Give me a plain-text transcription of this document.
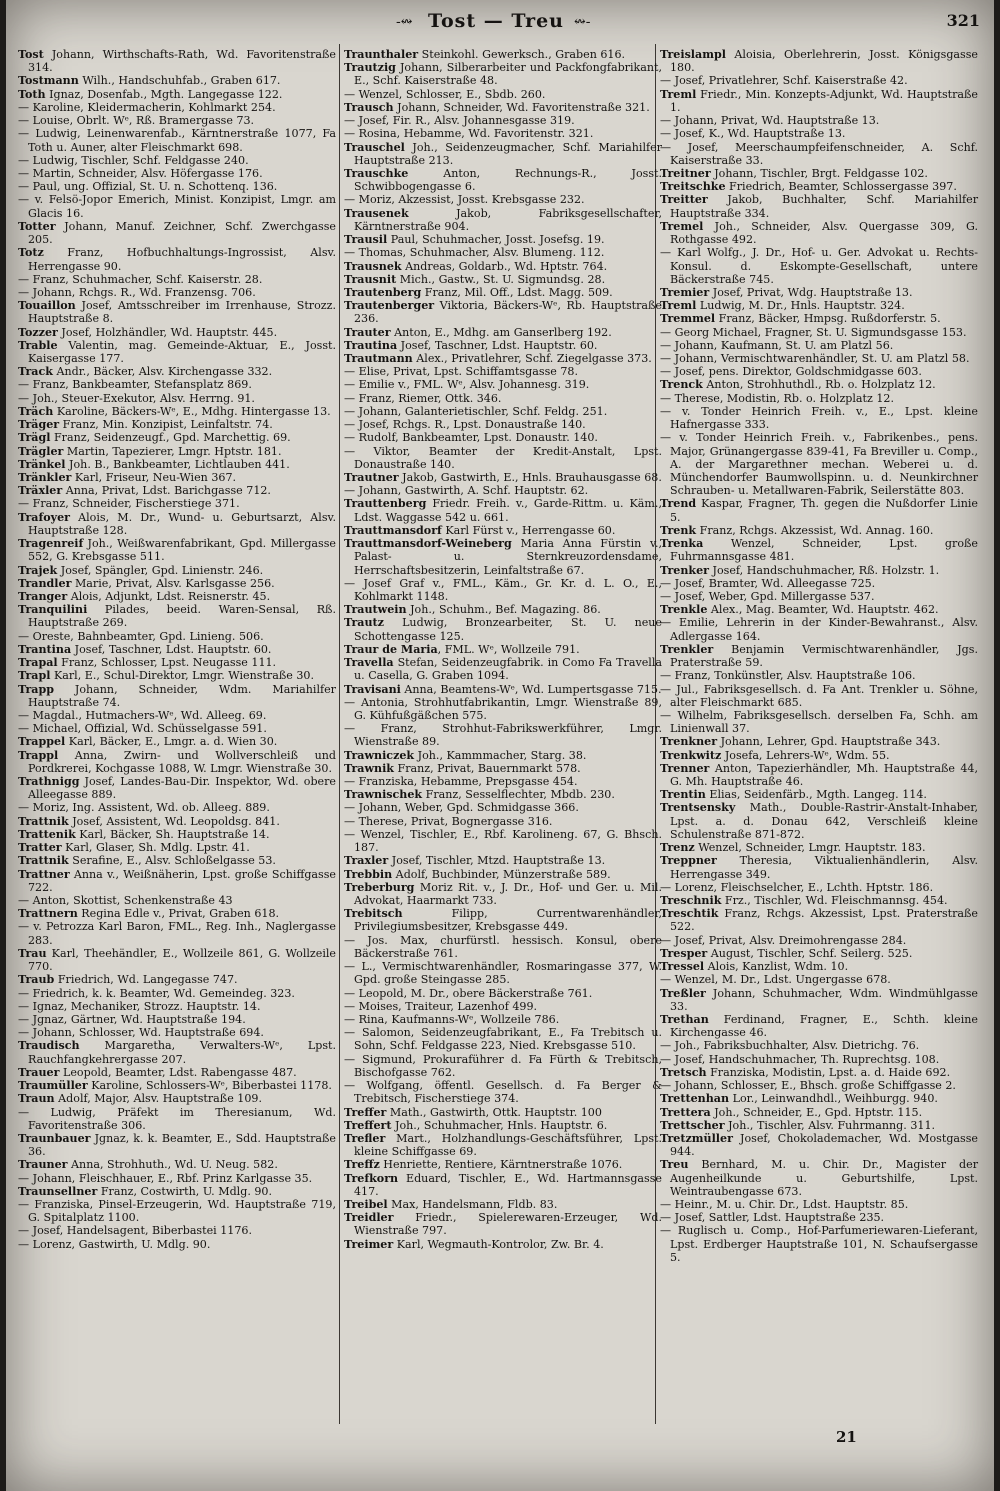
-↭ Tost — Treu ↭-	321

Tost Johann, Wirthschafts-Rath, Wd. Favoritenstraße 314.

Tostmann Wilh., Handschuhfab., Graben 617.

Toth Ignaz, Dosenfab., Mgth. Langegasse 122.

— Karoline, Kleidermacherin, Kohlmarkt 254.

— Louise, Obrlt. Wᵉ, Rß. Bramergasse 73.

— Ludwig, Leinenwarenfab., Kärntnerstraße 1077, Fa Toth u. Auner, alter Fleischmarkt 698.

— Ludwig, Tischler, Schf. Feldgasse 240.

— Martin, Schneider, Alsv. Höfergasse 176.

— Paul, ung. Offizial, St. U. n. Schottenq. 136.

— v. Felsö-Jopor Emerich, Minist. Konzipist, Lmgr. am Glacis 16.

Totter Johann, Manuf. Zeichner, Schf. Zwerchgasse 205.

Totz Franz, Hofbuchhaltungs-Ingrossist, Alsv. Herrengasse 90.

— Franz, Schuhmacher, Schf. Kaiserstr. 28.

— Johann, Rchgs. R., Wd. Franzensg. 706.

Touaillon Josef, Amtsschreiber im Irrenhause, Strozz. Hauptstraße 8.

Tozzer Josef, Holzhändler, Wd. Hauptstr. 445.

Trable Valentin, mag. Gemeinde-Aktuar, E., Josst. Kaisergasse 177.

Track Andr., Bäcker, Alsv. Kirchengasse 332.

— Franz, Bankbeamter, Stefansplatz 869.

— Joh., Steuer-Exekutor, Alsv. Herrng. 91.

Träch Karoline, Bäckers-Wᵉ, E., Mdhg. Hintergasse 13.

Träger Franz, Min. Konzipist, Leinfaltstr. 74.

Trägl Franz, Seidenzeugf., Gpd. Marchettig. 69.

Trägler Martin, Tapezierer, Lmgr. Hptstr. 181.

Tränkel Joh. B., Bankbeamter, Lichtlauben 441.

Tränkler Karl, Friseur, Neu-Wien 367.

Träxler Anna, Privat, Ldst. Barichgasse 712.

— Franz, Schneider, Fischerstiege 371.

Trafoyer Alois, M. Dr., Wund- u. Geburtsarzt, Alsv. Hauptstraße 128.

Tragenreif Joh., Weißwarenfabrikant, Gpd. Millergasse 552, G. Krebsgasse 511.

Trajek Josef, Spängler, Gpd. Linienstr. 246.

Trandler Marie, Privat, Alsv. Karlsgasse 256.

Tranger Alois, Adjunkt, Ldst. Reisnerstr. 45.

Tranquilini Pilades, beeid. Waren-Sensal, Rß. Hauptstraße 269.

— Oreste, Bahnbeamter, Gpd. Linieng. 506.

Trantina Josef, Taschner, Ldst. Hauptstr. 60.

Trapal Franz, Schlosser, Lpst. Neugasse 111.

Trapl Karl, E., Schul-Direktor, Lmgr. Wienstraße 30.

Trapp Johann, Schneider, Wdm. Mariahilfer Hauptstraße 74.

— Magdal., Hutmachers-Wᵉ, Wd. Alleeg. 69.

— Michael, Offizial, Wd. Schüsselgasse 591.

Trappel Karl, Bäcker, E., Lmgr. a. d. Wien 30.

Trappl Anna, Zwirn- und Wollverschleiß und Pordkrerei, Kochgasse 1088, W. Lmgr. Wienstraße 30.

Trathnigg Josef, Landes-Bau-Dir. Inspektor, Wd. obere Alleegasse 889.

— Moriz, Ing. Assistent, Wd. ob. Alleeg. 889.

Trattnik Josef, Assistent, Wd. Leopoldsg. 841.

Trattenik Karl, Bäcker, Sh. Hauptstraße 14.

Tratter Karl, Glaser, Sh. Mdlg. Lpstr. 41.

Trattnik Serafine, E., Alsv. Schloßelgasse 53.

Trattner Anna v., Weißnäherin, Lpst. große Schiffgasse 722.

— Anton, Skottist, Schenkenstraße 43

Trattnern Regina Edle v., Privat, Graben 618.

— v. Petrozza Karl Baron, FML., Reg. Inh., Naglergasse 283.

Trau Karl, Theehändler, E., Wollzeile 861, G. Wollzeile 770.

Traub Friedrich, Wd. Langegasse 747.

— Friedrich, k. k. Beamter, Wd. Gemeindeg. 323.

— Ignaz, Mechaniker, Strozz. Hauptstr. 14.

— Jgnaz, Gärtner, Wd. Hauptstraße 194.

— Johann, Schlosser, Wd. Hauptstraße 694.

Traudisch Margaretha, Verwalters-Wᵉ, Lpst. Rauchfangkehrergasse 207.

Trauer Leopold, Beamter, Ldst. Rabengasse 487.

Traumüller Karoline, Schlossers-Wᵉ, Biberbastei 1178.

Traun Adolf, Major, Alsv. Hauptstraße 109.

— Ludwig, Präfekt im Theresianum, Wd. Favoritenstraße 306.

Traunbauer Jgnaz, k. k. Beamter, E., Sdd. Hauptstraße 36.

Trauner Anna, Strohhuth., Wd. U. Neug. 582.

— Johann, Fleischhauer, E., Rbf. Prinz Karlgasse 35.

Traunsellner Franz, Costwirth, U. Mdlg. 90.

— Franziska, Pinsel-Erzeugerin, Wd. Hauptstraße 719, G. Spitalplatz 1100.

— Josef, Handelsagent, Biberbastei 1176.

— Lorenz, Gastwirth, U. Mdlg. 90.

Traunthaler Steinkohl. Gewerksch., Graben 616.

Trautzig Johann, Silberarbeiter und Packfongfabrikant, E., Schf. Kaiserstraße 48.

— Wenzel, Schlosser, E., Sbdb. 260.

Trausch Johann, Schneider, Wd. Favoritenstraße 321.

— Josef, Fir. R., Alsv. Johannesgasse 319.

— Rosina, Hebamme, Wd. Favoritenstr. 321.

Trauschel Joh., Seidenzeugmacher, Schf. Mariahilfer Hauptstraße 213.

Trauschke Anton, Rechnungs-R., Josst. Schwibbogengasse 6.

— Moriz, Akzessist, Josst. Krebsgasse 232.

Trausenek Jakob, Fabriksgesellschafter, Kärntnerstraße 904.

Trausil Paul, Schuhmacher, Josst. Josefsg. 19.

— Thomas, Schuhmacher, Alsv. Blumeng. 112.

Trausnek Andreas, Goldarb., Wd. Hptstr. 764.

Trausnit Mich., Gastw., St. U. Sigmundsg. 28.

Trautenberg Franz, Mil. Off., Ldst. Magg. 509.

Trautenberger Viktoria, Bäckers-Wᵉ, Rb. Hauptstraße 236.

Trauter Anton, E., Mdhg. am Ganserlberg 192.

Trautina Josef, Taschner, Ldst. Hauptstr. 60.

Trautmann Alex., Privatlehrer, Schf. Ziegelgasse 373.

— Elise, Privat, Lpst. Schiffamtsgasse 78.

— Emilie v., FML. Wᵉ, Alsv. Johannesg. 319.

— Franz, Riemer, Ottk. 346.

— Johann, Galanterietischler, Schf. Feldg. 251.

— Josef, Rchgs. R., Lpst. Donaustraße 140.

— Rudolf, Bankbeamter, Lpst. Donaustr. 140.

— Viktor, Beamter der Kredit-Anstalt, Lpst. Donaustraße 140.

Trautner Jakob, Gastwirth, E., Hnls. Brauhausgasse 68.

— Johann, Gastwirth, A. Schf. Hauptstr. 62.

Trauttenberg Friedr. Freih. v., Garde-Rittm. u. Käm., Ldst. Waggasse 542 u. 661.

Trauttmansdorf Karl Fürst v., Herrengasse 60.

Trauttmansdorf-Weineberg Maria Anna Fürstin v., Palast- u. Sternkreuzordensdame, Herrschaftsbesitzerin, Leinfaltstraße 67.

— Josef Graf v., FML., Käm., Gr. Kr. d. L. O., E., Kohlmarkt 1148.

Trautwein Joh., Schuhm., Bef. Magazing. 86.

Trautz Ludwig, Bronzearbeiter, St. U. neue Schottengasse 125.

Traur de Maria, FML. Wᵉ, Wollzeile 791.

Travella Stefan, Seidenzeugfabrik. in Como Fa Travella u. Casella, G. Graben 1094.

Travisani Anna, Beamtens-Wᵉ, Wd. Lumpertsgasse 715.

— Antonia, Strohhutfabrikantin, Lmgr. Wienstraße 89, G. Kühfußgäßchen 575.

— Franz, Strohhut-Fabrikswerkführer, Lmgr. Wienstraße 89.

Trawniczek Joh., Kammmacher, Starg. 38.

Trawnik Franz, Privat, Bauernmarkt 578.

— Franziska, Hebamme, Prepsgasse 454.

Trawnischek Franz, Sesselflechter, Mbdb. 230.

— Johann, Weber, Gpd. Schmidgasse 366.

— Therese, Privat, Bognergasse 316.

— Wenzel, Tischler, E., Rbf. Karolineng. 67, G. Bhsch. 187.

Traxler Josef, Tischler, Mtzd. Hauptstraße 13.

Trebbin Adolf, Buchbinder, Münzerstraße 589.

Treberburg Moriz Rit. v., J. Dr., Hof- und Ger. u. Mil. Advokat, Haarmarkt 733.

Trebitsch Filipp, Currentwarenhändler, Privilegiumsbesitzer, Krebsgasse 449.

— Jos. Max, churfürstl. hessisch. Konsul, obere Bäckerstraße 761.

— L., Vermischtwarenhändler, Rosmaringasse 377, W. Gpd. große Steingasse 285.

— Leopold, M. Dr., obere Bäckerstraße 761.

— Moises, Traiteur, Lazenhof 499.

— Rina, Kaufmanns-Wᵉ, Wollzeile 786.

— Salomon, Seidenzeugfabrikant, E., Fa Trebitsch u. Sohn, Schf. Feldgasse 223, Nied. Krebsgasse 510.

— Sigmund, Prokuraführer d. Fa Fürth & Trebitsch, Bischofgasse 762.

— Wolfgang, öffentl. Gesellsch. d. Fa Berger & Trebitsch, Fischerstiege 374.

Treffer Math., Gastwirth, Ottk. Hauptstr. 100

Treffert Joh., Schuhmacher, Hnls. Hauptstr. 6.

Trefler Mart., Holzhandlungs-Geschäftsführer, Lpst. kleine Schiffgasse 69.

Treffz Henriette, Rentiere, Kärntnerstraße 1076.

Trefkorn Eduard, Tischler, E., Wd. Hartmannsgasse 417.

Treibel Max, Handelsmann, Fldb. 83.

Treidler Friedr., Spielerewaren-Erzeuger, Wd. Wienstraße 797.

Treimer Karl, Wegmauth-Kontrolor, Zw. Br. 4.

Treislampl Aloisia, Oberlehrerin, Josst. Königsgasse 180.

— Josef, Privatlehrer, Schf. Kaiserstraße 42.

Treml Friedr., Min. Konzepts-Adjunkt, Wd. Hauptstraße 1.

— Johann, Privat, Wd. Hauptstraße 13.

— Josef, K., Wd. Hauptstraße 13.

— Josef, Meerschaumpfeifenschneider, A. Schf. Kaiserstraße 33.

Treitner Johann, Tischler, Brgt. Feldgasse 102.

Treitschke Friedrich, Beamter, Schlossergasse 397.

Treitter Jakob, Buchhalter, Schf. Mariahilfer Hauptstraße 334.

Tremel Joh., Schneider, Alsv. Quergasse 309, G. Rothgasse 492.

— Karl Wolfg., J. Dr., Hof- u. Ger. Advokat u. Rechts-Konsul. d. Eskompte-Gesellschaft, untere Bäckerstraße 745.

Tremier Josef, Privat, Wdg. Hauptstraße 13.

Treml Ludwig, M. Dr., Hnls. Hauptstr. 324.

Tremmel Franz, Bäcker, Hmpsg. Rußdorferstr. 5.

— Georg Michael, Fragner, St. U. Sigmundsgasse 153.

— Johann, Kaufmann, St. U. am Platzl 56.

— Johann, Vermischtwarenhändler, St. U. am Platzl 58.

— Josef, pens. Direktor, Goldschmidgasse 603.

Trenck Anton, Strohhuthdl., Rb. o. Holzplatz 12.

— Therese, Modistin, Rb. o. Holzplatz 12.

— v. Tonder Heinrich Freih. v., E., Lpst. kleine Hafnergasse 333.

— v. Tonder Heinrich Freih. v., Fabrikenbes., pens. Major, Grünangergasse 839-41, Fa Breviller u. Comp., A. der Margarethner mechan. Weberei u. d. Münchendorfer Baumwollspinn. u. d. Neunkirchner Schrauben- u. Metallwaren-Fabrik, Seilerstätte 803.

Trend Kaspar, Fragner, Th. gegen die Nußdorfer Linie 5.

Trenk Franz, Rchgs. Akzessist, Wd. Annag. 160.

Trenka Wenzel, Schneider, Lpst. große Fuhrmannsgasse 481.

Trenker Josef, Handschuhmacher, Rß. Holzstr. 1.

— Josef, Bramter, Wd. Alleegasse 725.

— Josef, Weber, Gpd. Millergasse 537.

Trenkle Alex., Mag. Beamter, Wd. Hauptstr. 462.

— Emilie, Lehrerin in der Kinder-Bewahranst., Alsv. Adlergasse 164.

Trenkler Benjamin Vermischtwarenhändler, Jgs. Praterstraße 59.

— Franz, Tonkünstler, Alsv. Hauptstraße 106.

— Jul., Fabriksgesellsch. d. Fa Ant. Trenkler u. Söhne, alter Fleischmarkt 685.

— Wilhelm, Fabriksgesellsch. derselben Fa, Schh. am Linienwall 37.

Trenkner Johann, Lehrer, Gpd. Hauptstraße 343.

Trenkwitz Josefa, Lehrers-Wᵉ, Wdm. 55.

Trenner Anton, Tapezierhändler, Mh. Hauptstraße 44, G. Mh. Hauptstraße 46.

Trentin Elias, Seidenfärb., Mgth. Langeg. 114.

Trentsensky Math., Double-Rastrir-Anstalt-Inhaber, Lpst. a. d. Donau 642, Verschleiß kleine Schulenstraße 871-872.

Trenz Wenzel, Schneider, Lmgr. Hauptstr. 183.

Treppner Theresia, Viktualienhändlerin, Alsv. Herrengasse 349.

— Lorenz, Fleischselcher, E., Lchth. Hptstr. 186.

Treschnik Frz., Tischler, Wd. Fleischmannsg. 454.

Treschtik Franz, Rchgs. Akzessist, Lpst. Praterstraße 522.

— Josef, Privat, Alsv. Dreimohrengasse 284.

Tresper August, Tischler, Schf. Seilerg. 525.

Tressel Alois, Kanzlist, Wdm. 10.

— Wenzel, M. Dr., Ldst. Ungergasse 678.

Treßler Johann, Schuhmacher, Wdm. Windmühlgasse 33.

Trethan Ferdinand, Fragner, E., Schth. kleine Kirchengasse 46.

— Joh., Fabriksbuchhalter, Alsv. Dietrichg. 76.

— Josef, Handschuhmacher, Th. Ruprechtsg. 108.

Tretsch Franziska, Modistin, Lpst. a. d. Haide 692.

— Johann, Schlosser, E., Bhsch. große Schiffgasse 2.

Trettenhan Lor., Leinwandhdl., Weihburgg. 940.

Trettera Joh., Schneider, E., Gpd. Hptstr. 115.

Trettscher Joh., Tischler, Alsv. Fuhrmanng. 311.

Tretzmüller Josef, Chokolademacher, Wd. Mostgasse 944.

Treu Bernhard, M. u. Chir. Dr., Magister der Augenheilkunde u. Geburtshilfe, Lpst. Weintraubengasse 673.

— Heinr., M. u. Chir. Dr., Ldst. Hauptstr. 85.

— Josef, Sattler, Ldst. Hauptstraße 235.

— Ruglisch u. Comp., Hof-Parfumeriewaren-Lieferant, Lpst. Erdberger Hauptstraße 101, N. Schaufsergasse 5.

21
